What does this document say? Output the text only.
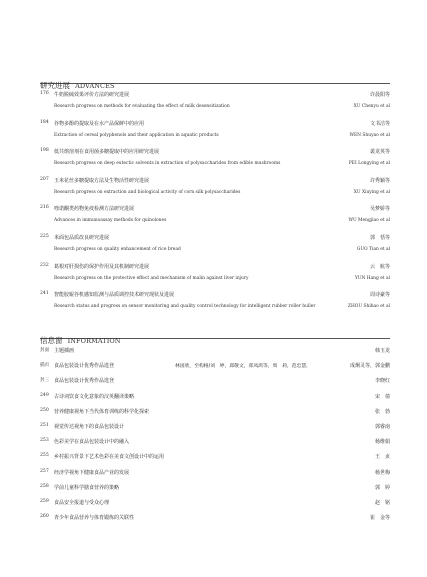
研究进展 ADVANCES
176	牛奶脱硫效果评价方法的研究进展	许晨阳等
Research progress on methods for evaluating the effect of milk desensitization	XU Chenyu et al
184	谷物多酚的提取及在水产品保鲜中的应用	文书洁等
Extraction of cereal polyphenols and their application in aquatic products	WEN Shuyao et al
198	低共熔溶剂在食用菌多糖提取中的应用研究进展	裴龙英等
Research progress on deep eutectic solvents in extraction of polysaccharides from edible mushrooms	PEI Longying et al
207	玉米花丝多糖提取方法及生物活性研究进展	许秀颖等
Research progress on extraction and biological activity of corn silk polysaccharides	XU Xiuying et al
216	喹诺酮类药物免疫检测方法研究进展	吴梦娇等
Advances in immunoassay methods for quinolones	WU Mengjiao et al
225	米面包品质改良研究进展	郭　恬等
Research progress on quality enhancement of rice bread	GUO Tian et al
232	葛根对肝损伤的保护作用及其机制研究进展	云　航等
Research progress on the protective effect and mechanism of malin against liver injury	YUN Hang et al
241	智能胶辊谷机感知监测与品质调控技术研究现状及进展	周诗豪等
Research status and progress on sensor monitoring and quality control technology for intelligent rubber roller huller	ZHOU Shihao et al
信息窗 INFORMATION
封面 主题插画	韩玉龙
插页 食品包装设计优秀作品选登	林国欣，至构格/刘　婷，邱敬文，郑凤鸿等，周　莉，范忠慧，	成炯灵等，郭金鹏
封三 食品包装设计优秀作品选登	李晓红
249	古诗词饮食文化意象的汉英翻译策略	宋　倩
250	营养健康视角下当代体育训练的科学化探索	张　勃
251	视觉传达视角下的食品包装设计	郭睿南
253	色彩美学在食品包装设计中的融入	杨维娟
255	乡村振兴背景下艺术色彩在美食文创设计中的运用	王　贞
257	经济学视角下健康食品产业的发展	杨世梅
258	学前儿童科学膳食营养的策略	郭　婷
259	食品安全报道与受众心理	赵　铭
260	青少年食品营养与体育锻炼的关联性	崔　金等
